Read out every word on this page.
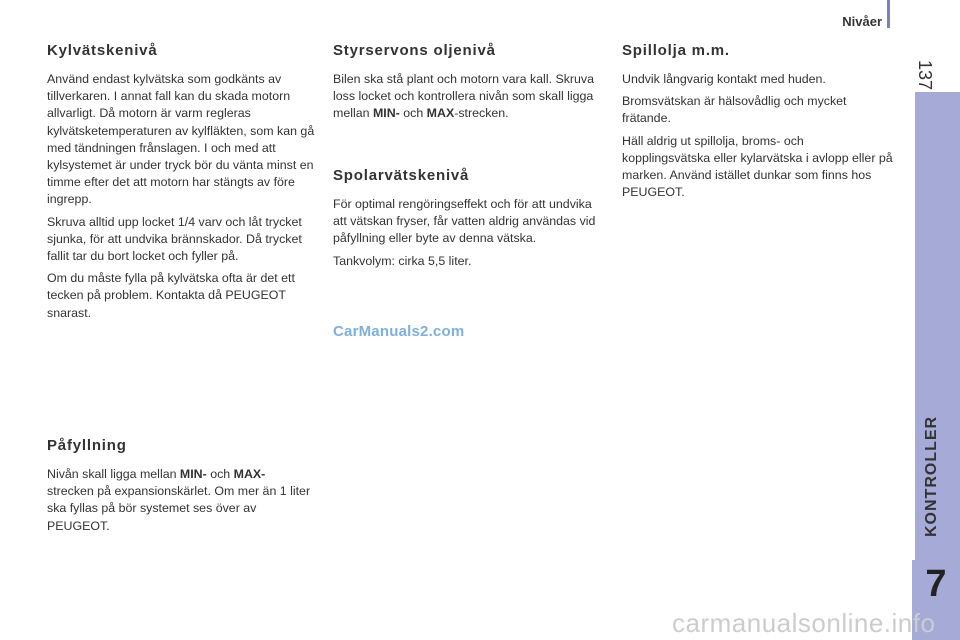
Nivåer
137
KONTROLLER
7
Kylvätskenivå

Använd endast kylvätska som godkänts av tillverkaren. I annat fall kan du skada motorn allvarligt. Då motorn är varm regleras kylvätsketemperaturen av kylfläkten, som kan gå med tändningen frånslagen. I och med att kylsystemet är under tryck bör du vänta minst en timme efter det att motorn har stängts av före ingrepp.

Skruva alltid upp locket 1/4 varv och låt trycket sjunka, för att undvika brännskador. Då trycket fallit tar du bort locket och fyller på.

Om du måste fylla på kylvätska ofta är det ett tecken på problem. Kontakta då PEUGEOT snarast.

Påfyllning

Nivån skall ligga mellan MIN- och MAX-
strecken på expansionskärlet. Om mer än 1 liter ska fyllas på bör systemet ses över av PEUGEOT.

Styrservons oljenivå

Bilen ska stå plant och motorn vara kall. Skruva loss locket och kontrollera nivån som skall ligga mellan MIN- och MAX-strecken.

Spolarvätskenivå

För optimal rengöringseffekt och för att undvika att vätskan fryser, får vatten aldrig användas vid påfyllning eller byte av denna vätska.

Tankvolym: cirka 5,5 liter.

Spillolja m.m.

Undvik långvarig kontakt med huden.

Bromsvätskan är hälsovådlig och mycket frätande.

Häll aldrig ut spillolja, broms- och kopplingsvätska eller kylarvätska i avlopp eller på marken. Använd istället dunkar som finns hos PEUGEOT.

CarManuals2.com
carmanualsonline.info
